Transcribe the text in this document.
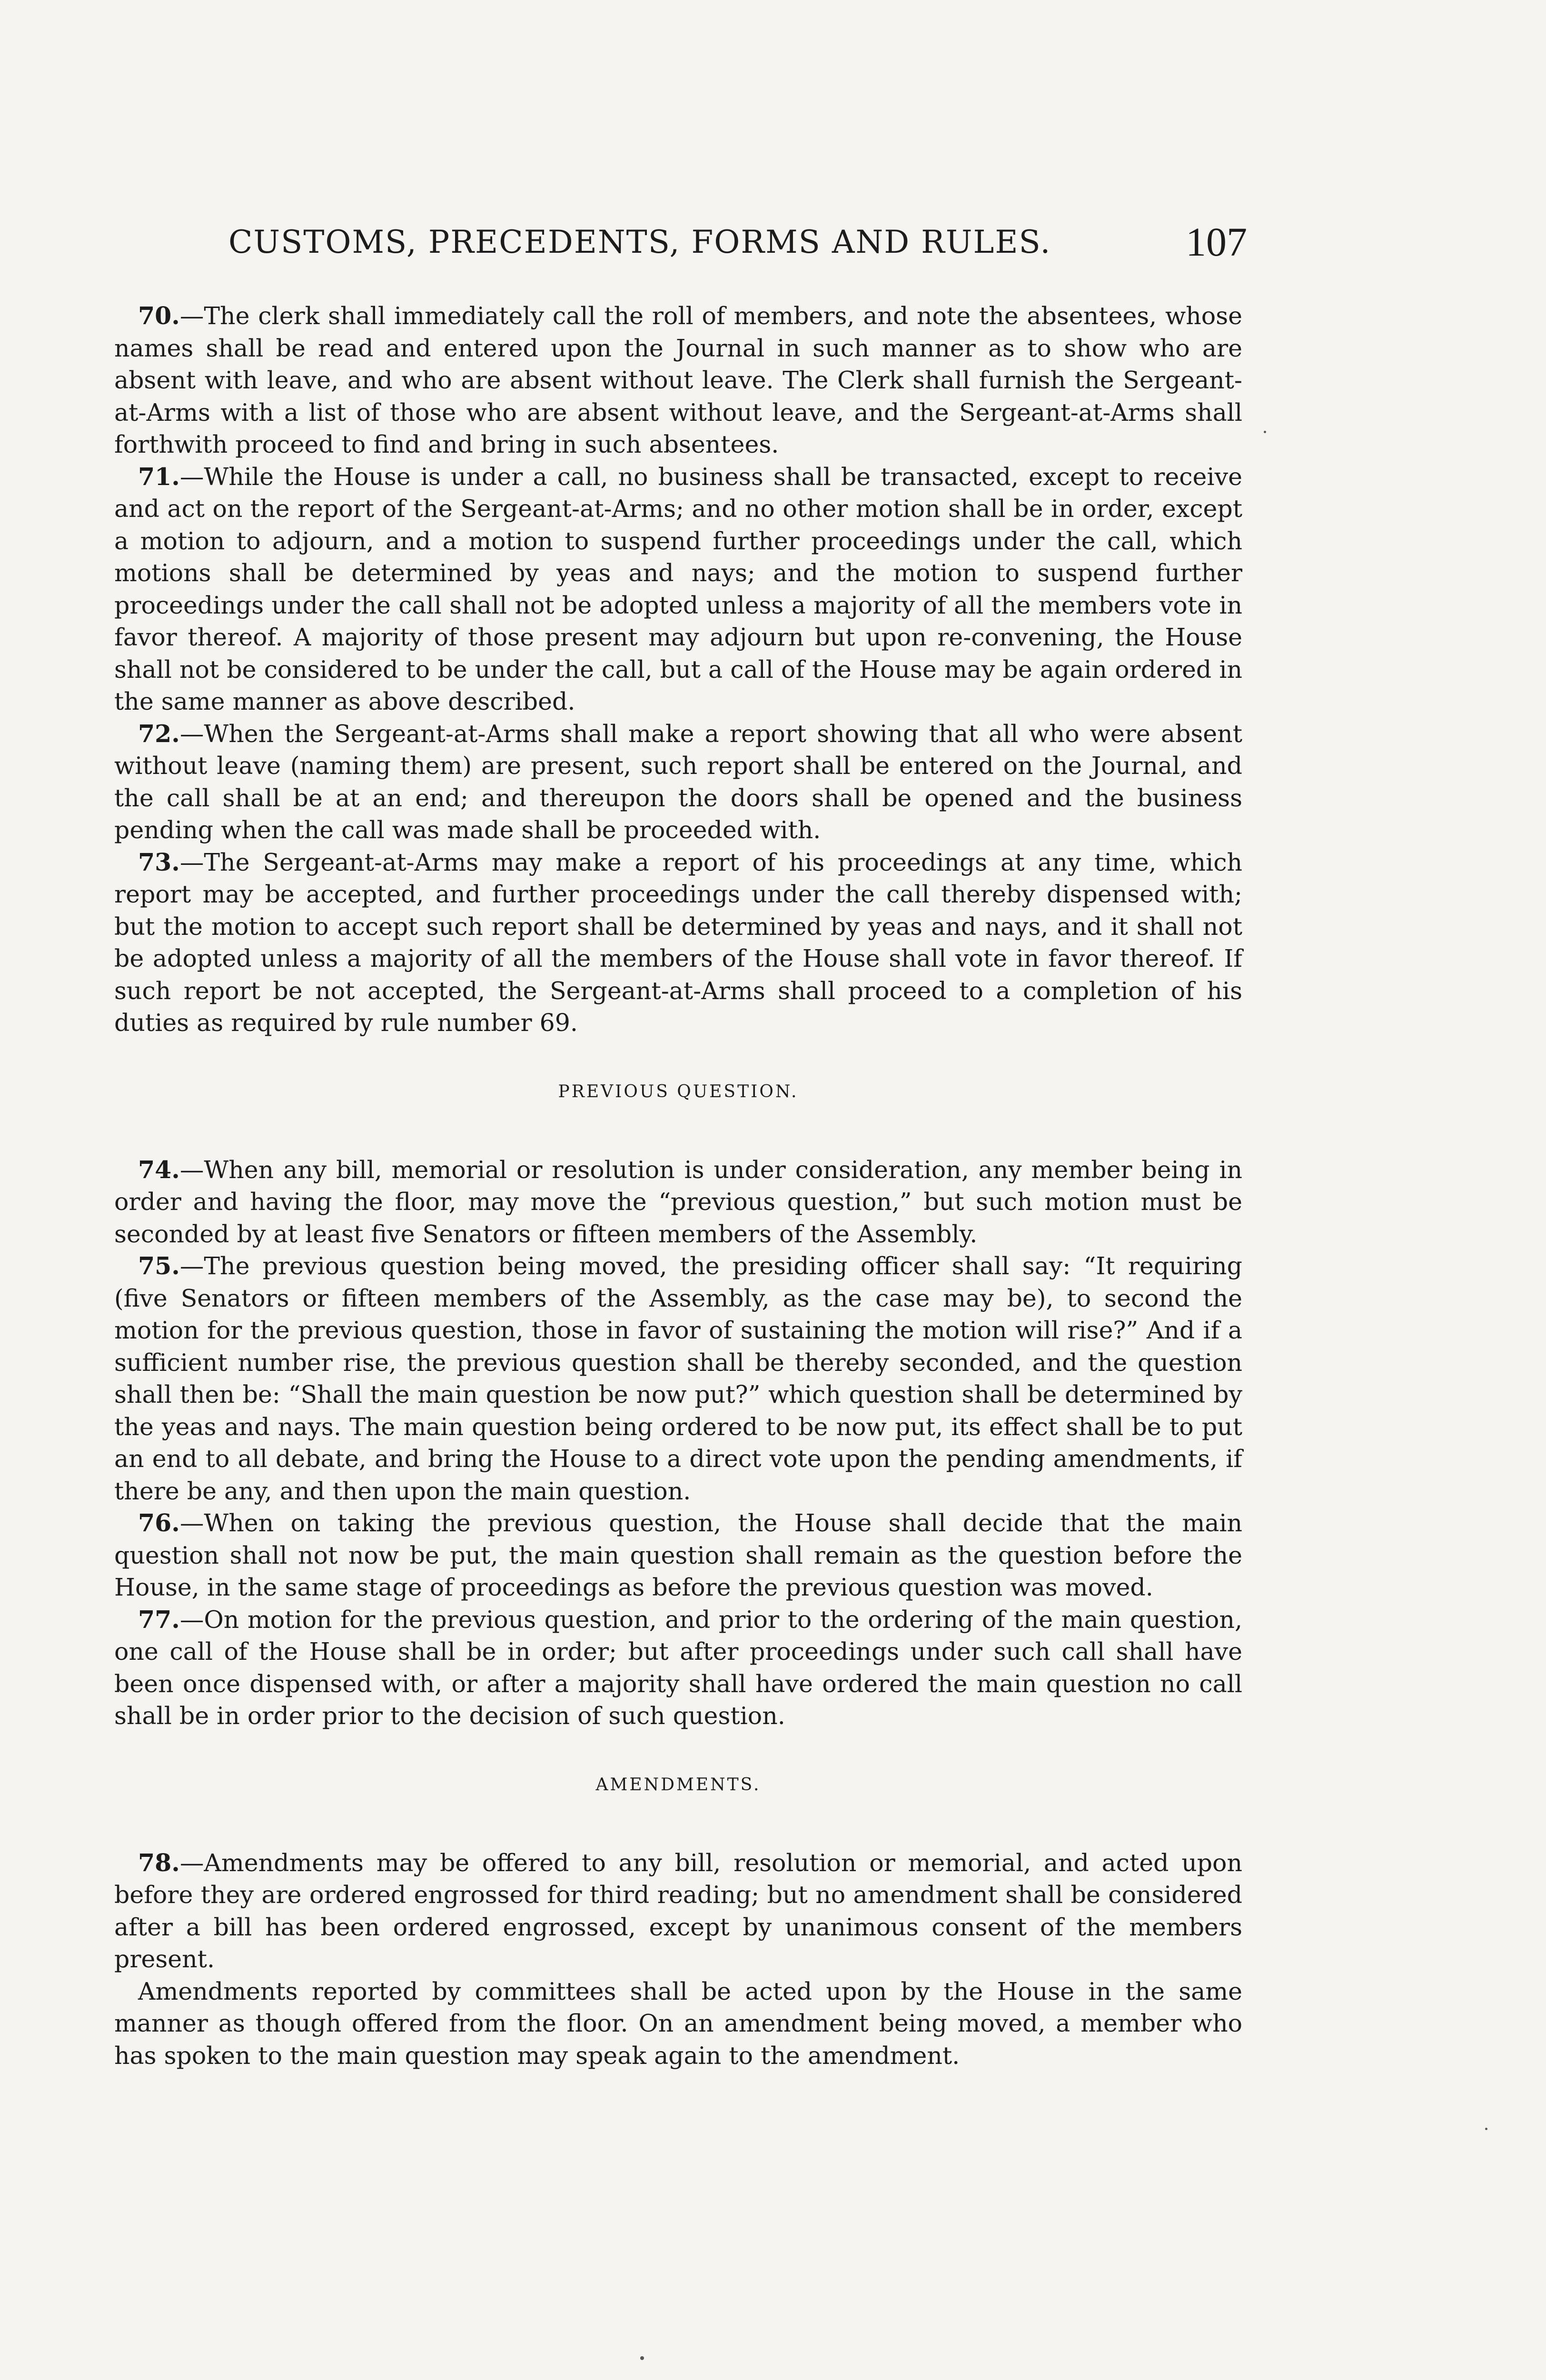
CUSTOMS, PRECEDENTS, FORMS AND RULES.	107

70.—The clerk shall immediately call the roll of members, and note the absentees, whose names shall be read and entered upon the Journal in such manner as to show who are absent with leave, and who are absent without leave. The Clerk shall furnish the Sergeant-at-Arms with a list of those who are absent without leave, and the Sergeant-at-Arms shall forthwith proceed to find and bring in such absentees.

71.—While the House is under a call, no business shall be transacted, except to receive and act on the report of the Sergeant-at-Arms; and no other motion shall be in order, except a motion to adjourn, and a motion to suspend further proceedings under the call, which motions shall be determined by yeas and nays; and the motion to suspend further proceedings under the call shall not be adopted unless a majority of all the members vote in favor thereof. A majority of those present may adjourn but upon re-convening, the House shall not be considered to be under the call, but a call of the House may be again ordered in the same manner as above described.

72.—When the Sergeant-at-Arms shall make a report showing that all who were absent without leave (naming them) are present, such report shall be entered on the Journal, and the call shall be at an end; and thereupon the doors shall be opened and the business pending when the call was made shall be proceeded with.

73.—The Sergeant-at-Arms may make a report of his proceedings at any time, which report may be accepted, and further proceedings under the call thereby dispensed with; but the motion to accept such report shall be determined by yeas and nays, and it shall not be adopted unless a majority of all the members of the House shall vote in favor thereof. If such report be not accepted, the Sergeant-at-Arms shall proceed to a completion of his duties as required by rule number 69.

PREVIOUS QUESTION.

74.—When any bill, memorial or resolution is under consideration, any member being in order and having the floor, may move the “previous question,” but such motion must be seconded by at least five Senators or fifteen members of the Assembly.

75.—The previous question being moved, the presiding officer shall say: “It requiring (five Senators or fifteen members of the Assembly, as the case may be), to second the motion for the previous question, those in favor of sustaining the motion will rise?” And if a sufficient number rise, the previous question shall be thereby seconded, and the question shall then be: “Shall the main question be now put?” which question shall be determined by the yeas and nays. The main question being ordered to be now put, its effect shall be to put an end to all debate, and bring the House to a direct vote upon the pending amendments, if there be any, and then upon the main question.

76.—When on taking the previous question, the House shall decide that the main question shall not now be put, the main question shall remain as the question before the House, in the same stage of proceedings as before the previous question was moved.

77.—On motion for the previous question, and prior to the ordering of the main question, one call of the House shall be in order; but after proceedings under such call shall have been once dispensed with, or after a majority shall have ordered the main question no call shall be in order prior to the decision of such question.

AMENDMENTS.

78.—Amendments may be offered to any bill, resolution or memorial, and acted upon before they are ordered engrossed for third reading; but no amendment shall be considered after a bill has been ordered engrossed, except by unanimous consent of the members present.

Amendments reported by committees shall be acted upon by the House in the same manner as though offered from the floor. On an amendment being moved, a member who has spoken to the main question may speak again to the amendment.
